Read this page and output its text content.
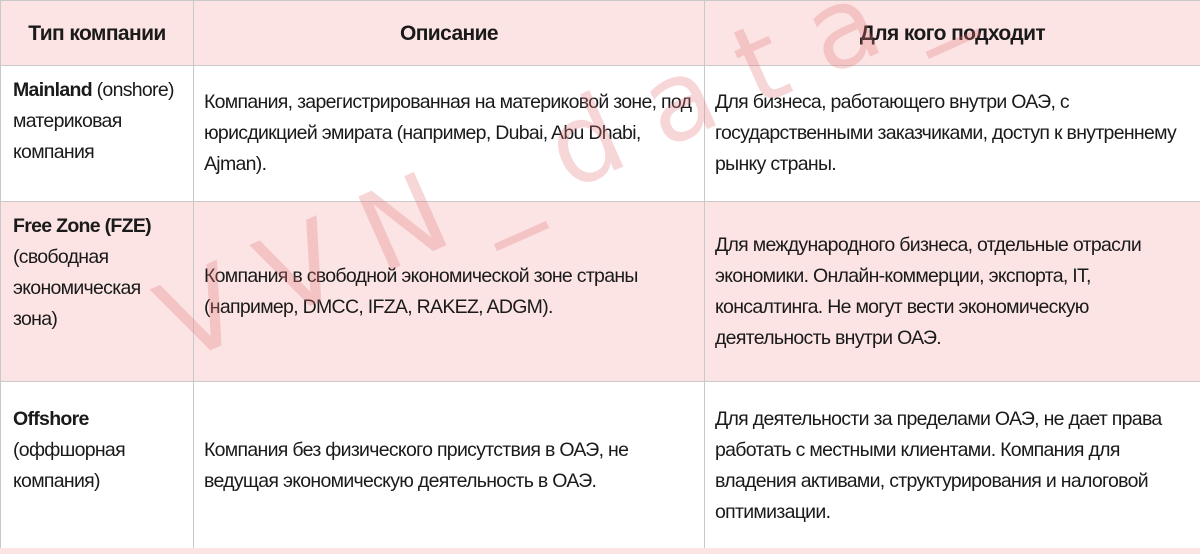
Тип компании	Описание	Для кого подходит

Mainland (onshore) материковая компания	Компания, зарегистрированная на материковой зоне, под юрисдикцией эмирата (например, Dubai, Abu Dhabi, Ajman).	Для бизнеса, работающего внутри ОАЭ, с государственными заказчиками, доступ к внутреннему рынку страны.

Free Zone (FZE) (свободная экономическая зона)	Компания в свободной экономической зоне страны (например, DMCC, IFZA, RAKEZ, ADGM).	Для международного бизнеса, отдельные отрасли экономики. Онлайн-коммерции, экспорта, IT, консалтинга. Не могут вести экономическую деятельность внутри ОАЭ.

Offshore (оффшорная компания)	Компания без физического присутствия в ОАЭ, не ведущая экономическую деятельность в ОАЭ.	Для деятельности за пределами ОАЭ, не дает права работать с местными клиентами. Компания для владения активами, структурирования и налоговой оптимизации.
